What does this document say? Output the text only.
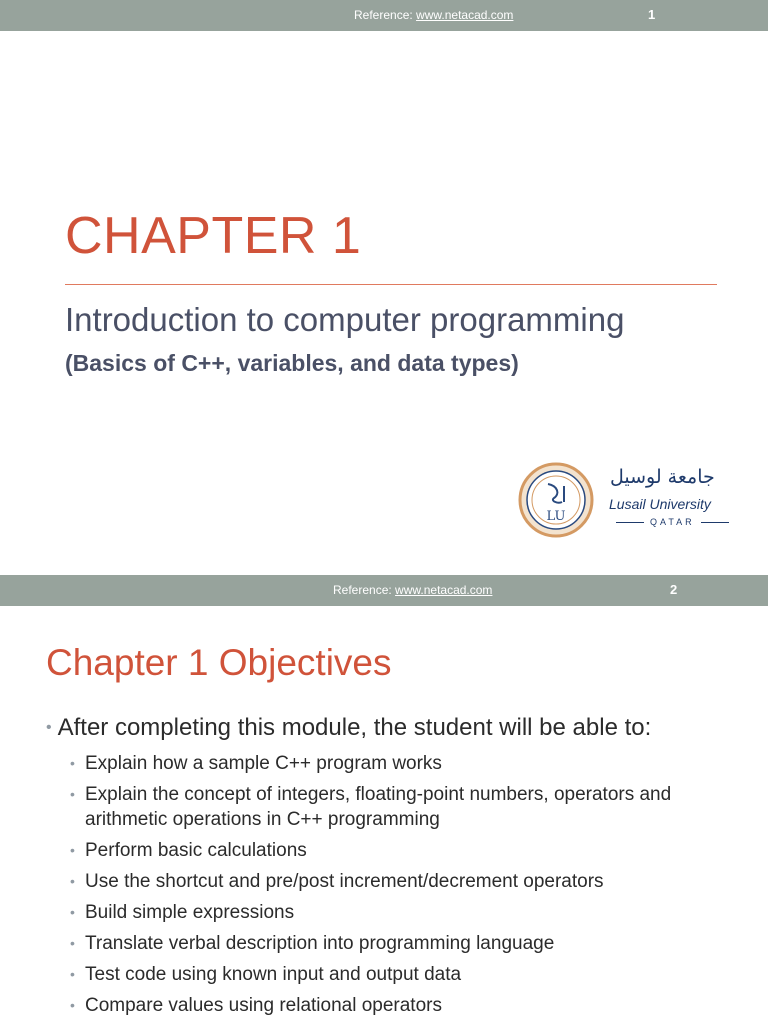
Reference: www.netacad.com	1
CHAPTER 1
Introduction to computer programming
(Basics of C++, variables, and data types)
LU
جامعة لوسيل
Lusail University
QATAR
Reference: www.netacad.com	2
Chapter 1 Objectives
• After completing this module, the student will be able to:
• Explain how a sample C++ program works
• Explain the concept of integers, floating-point numbers, operators and arithmetic operations in C++ programming
• Perform basic calculations
• Use the shortcut and pre/post increment/decrement operators
• Build simple expressions
• Translate verbal description into programming language
• Test code using known input and output data
• Compare values using relational operators
